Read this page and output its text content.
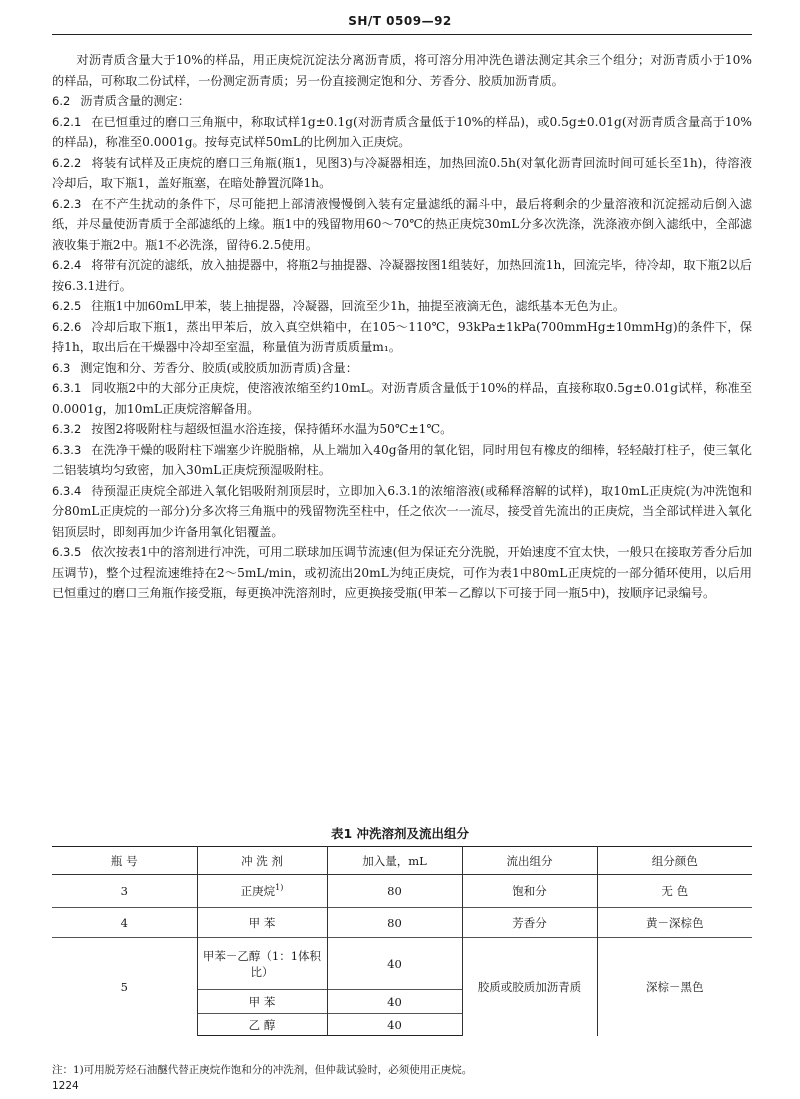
SH/T 0509—92

对沥青质含量大于10%的样品，用正庚烷沉淀法分离沥青质，将可溶分用冲洗色谱法测定其余三个组分；对沥青质小于10%的样品，可称取二份试样，一份测定沥青质；另一份直接测定饱和分、芳香分、胶质加沥青质。

6.2 沥青质含量的测定：

6.2.1 在已恒重过的磨口三角瓶中，称取试样1g±0.1g(对沥青质含量低于10%的样品)，或0.5g±0.01g(对沥青质含量高于10%的样品)，称准至0.0001g。按每克试样50mL的比例加入正庚烷。

6.2.2 将装有试样及正庚烷的磨口三角瓶(瓶1，见图3)与冷凝器相连，加热回流0.5h(对氧化沥青回流时间可延长至1h)，待溶液冷却后，取下瓶1，盖好瓶塞，在暗处静置沉降1h。

6.2.3 在不产生扰动的条件下，尽可能把上部清液慢慢倒入装有定量滤纸的漏斗中，最后将剩余的少量溶液和沉淀摇动后倒入滤纸，并尽量使沥青质于全部滤纸的上缘。瓶1中的残留物用60～70℃的热正庚烷30mL分多次洗涤，洗涤液亦倒入滤纸中，全部滤液收集于瓶2中。瓶1不必洗涤，留待6.2.5使用。

6.2.4 将带有沉淀的滤纸，放入抽提器中，将瓶2与抽提器、冷凝器按图1组装好，加热回流1h，回流完毕，待冷却，取下瓶2以后按6.3.1进行。

6.2.5 往瓶1中加60mL甲苯，装上抽提器，冷凝器，回流至少1h，抽提至液滴无色，滤纸基本无色为止。

6.2.6 冷却后取下瓶1，蒸出甲苯后，放入真空烘箱中，在105～110℃，93kPa±1kPa(700mmHg±10mmHg)的条件下，保持1h，取出后在干燥器中冷却至室温，称量值为沥青质质量m₁。

6.3 测定饱和分、芳香分、胶质(或胶质加沥青质)含量：

6.3.1 同收瓶2中的大部分正庚烷，使溶液浓缩至约10mL。对沥青质含量低于10%的样品，直接称取0.5g±0.01g试样，称准至0.0001g，加10mL正庚烷溶解备用。

6.3.2 按图2将吸附柱与超级恒温水浴连接，保持循环水温为50℃±1℃。

6.3.3 在洗净干燥的吸附柱下端塞少许脱脂棉，从上端加入40g备用的氧化铝，同时用包有橡皮的细棒，轻轻敲打柱子，使三氧化二铝装填均匀致密，加入30mL正庚烷预湿吸附柱。

6.3.4 待预湿正庚烷全部进入氧化铝吸附剂顶层时，立即加入6.3.1的浓缩溶液(或稀释溶解的试样)，取10mL正庚烷(为冲洗饱和分80mL正庚烷的一部分)分多次将三角瓶中的残留物洗至柱中，任之依次一一流尽，接受首先流出的正庚烷，当全部试样进入氧化铝顶层时，即刻再加少许备用氧化铝覆盖。

6.3.5 依次按表1中的溶剂进行冲洗，可用二联球加压调节流速(但为保证充分洗脱，开始速度不宜太快，一般只在接取芳香分后加压调节)，整个过程流速维持在2～5mL/min，或初流出20mL为纯正庚烷，可作为表1中80mL正庚烷的一部分循环使用，以后用已恒重过的磨口三角瓶作接受瓶，每更换冲洗溶剂时，应更换接受瓶(甲苯－乙醇以下可接于同一瓶5中)，按顺序记录编号。

表1 冲洗溶剂及流出组分
瓶 号	冲 洗 剂	加入量，mL	流出组分	组分颜色
3	正庚烷$^{1)}$	80	饱和分	无 色
4	甲 苯	80	芳香分	黄－深棕色
5	甲苯－乙醇（1：1体积比）	40	胶质或胶质加沥青质	深棕－黑色
	甲 苯	40		
	乙 醇	40		
注：1)可用脱芳烃石油醚代替正庚烷作饱和分的冲洗剂，但仲裁试验时，必须使用正庚烷。
1224
